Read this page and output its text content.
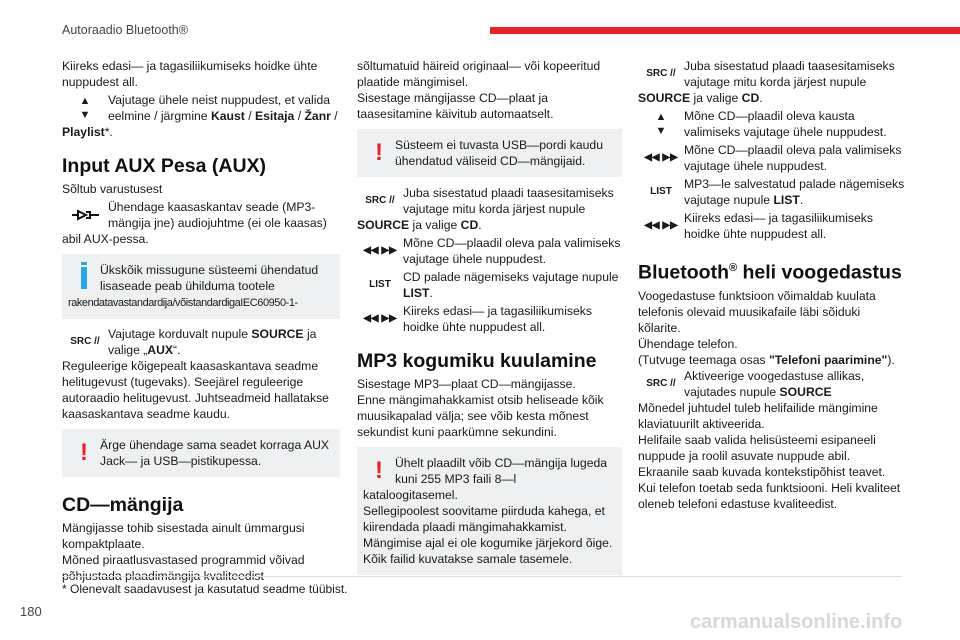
Autoraadio Bluetooth®

Kiireks edasi— ja tagasiliikumiseks hoidke ühte nuppudest all.

▲
▼
Vajutage ühele neist nuppudest, et valida eelmine / järgmine Kaust / Esitaja / Žanr / Playlist*.
Input AUX Pesa (AUX)

Sõltub varustusest

Ühendage kaasaskantav seade (MP3-mängija jne) audiojuhtme (ei ole kaasas) abil AUX-pessa.
Ükskõik missugune süsteemi ühendatud lisaseade peab ühilduma tootele
rakendatavastandardija/võistandardigaIEC60950-1-
SRC //
Vajutage korduvalt nupule SOURCE ja valige „AUX“.

Reguleerige kõigepealt kaasaskantava seadme helitugevust (tugevaks). Seejärel reguleerige autoraadio helitugevust. Juhtseadmeid hallatakse kaasaskantava seadme kaudu.

! Ärge ühendage sama seadet korraga AUX Jack— ja USB—pistikupessa.
CD—mängija

Mängijasse tohib sisestada ainult ümmargusi kompaktplaate.

Mõned piraatlusvastased programmid võivad põhjustada plaadimängija kvaliteedist

sõltumatuid häireid originaal— või kopeeritud plaatide mängimisel.

Sisestage mängijasse CD—plaat ja taasesitamine käivitub automaatselt.

! Süsteem ei tuvasta USB—pordi kaudu ühendatud väliseid CD—mängijaid.
SRC //
Juba sisestatud plaadi taasesitamiseks vajutage mitu korda järjest nupule SOURCE ja valige CD.
◀◀ ▶▶
Mõne CD—plaadil oleva pala valimiseks vajutage ühele nuppudest.
LIST
CD palade nägemiseks vajutage nupule LIST.
◀◀ ▶▶
Kiireks edasi— ja tagasiliikumiseks hoidke ühte nuppudest all.
MP3 kogumiku kuulamine

Sisestage MP3—plaat CD—mängijasse.

Enne mängimahakkamist otsib heliseade kõik muusikapalad välja; see võib kesta mõnest sekundist kuni paarkümne sekundini.

! Ühelt plaadilt võib CD—mängija lugeda kuni 255 MP3 faili 8—l kataloogitasemel.

Sellegipoolest soovitame piirduda kahega, et kiirendada plaadi mängimahakkamist.

Mängimise ajal ei ole kogumike järjekord õige.

Kõik failid kuvatakse samale tasemele.

SRC //
Juba sisestatud plaadi taasesitamiseks vajutage mitu korda järjest nupule SOURCE ja valige CD.
▲
▼
Mõne CD—plaadil oleva kausta valimiseks vajutage ühele nuppudest.
◀◀ ▶▶
Mõne CD—plaadil oleva pala valimiseks vajutage ühele nuppudest.
LIST
MP3—le salvestatud palade nägemiseks vajutage nupule LIST.
◀◀ ▶▶
Kiireks edasi— ja tagasiliikumiseks hoidke ühte nuppudest all.
Bluetooth® heli voogedastus

Voogedastuse funktsioon võimaldab kuulata telefonis olevaid muusikafaile läbi sõiduki kõlarite.

Ühendage telefon.

(Tutvuge teemaga osas "Telefoni paarimine").

SRC //
Aktiveerige voogedastuse allikas, vajutades nupule SOURCE

Mõnedel juhtudel tuleb helifailide mängimine klaviatuurilt aktiveerida.

Helifaile saab valida helisüsteemi esipaneeli nuppude ja roolil asuvate nuppude abil.

Ekraanile saab kuvada kontekstipõhist teavet.

Kui telefon toetab seda funktsiooni. Heli kvaliteet oleneb telefoni edastuse kvaliteedist.

* Olenevalt saadavusest ja kasutatud seadme tüübist.
180	carmanualsonline.info
